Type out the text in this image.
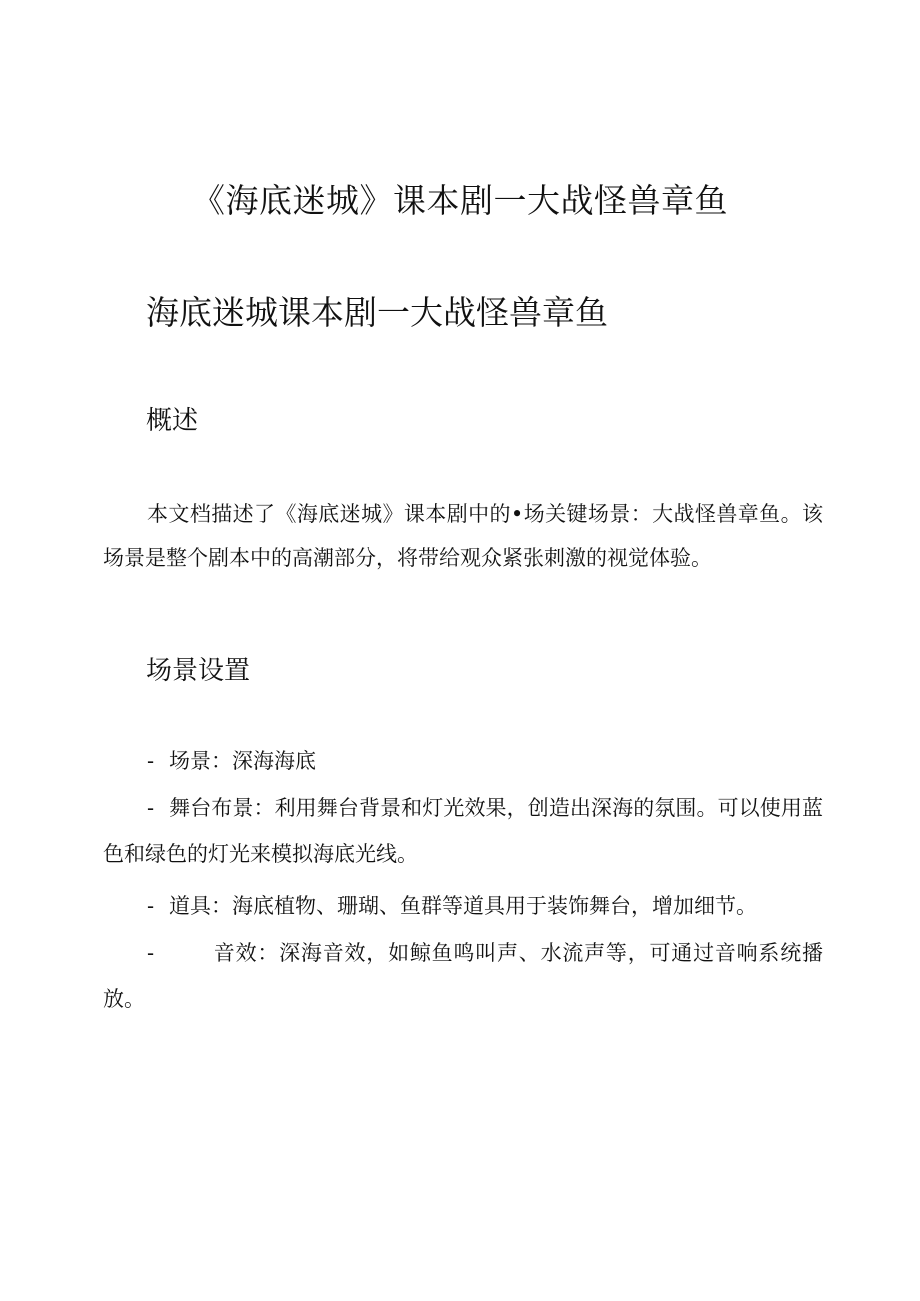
《海底迷城》课本剧一大战怪兽章鱼
海底迷城课本剧一大战怪兽章鱼
概述
本文档描述了《海底迷城》课本剧中的•场关键场景：大战怪兽章鱼。该场景是整个剧本中的高潮部分，将带给观众紧张刺激的视觉体验。
场景设置
- 场景：深海海底
- 舞台布景：利用舞台背景和灯光效果，创造出深海的氛围。可以使用蓝色和绿色的灯光来模拟海底光线。
- 道具：海底植物、珊瑚、鱼群等道具用于装饰舞台，增加细节。
-	音效：深海音效，如鲸鱼鸣叫声、水流声等，可通过音响系统播放。
